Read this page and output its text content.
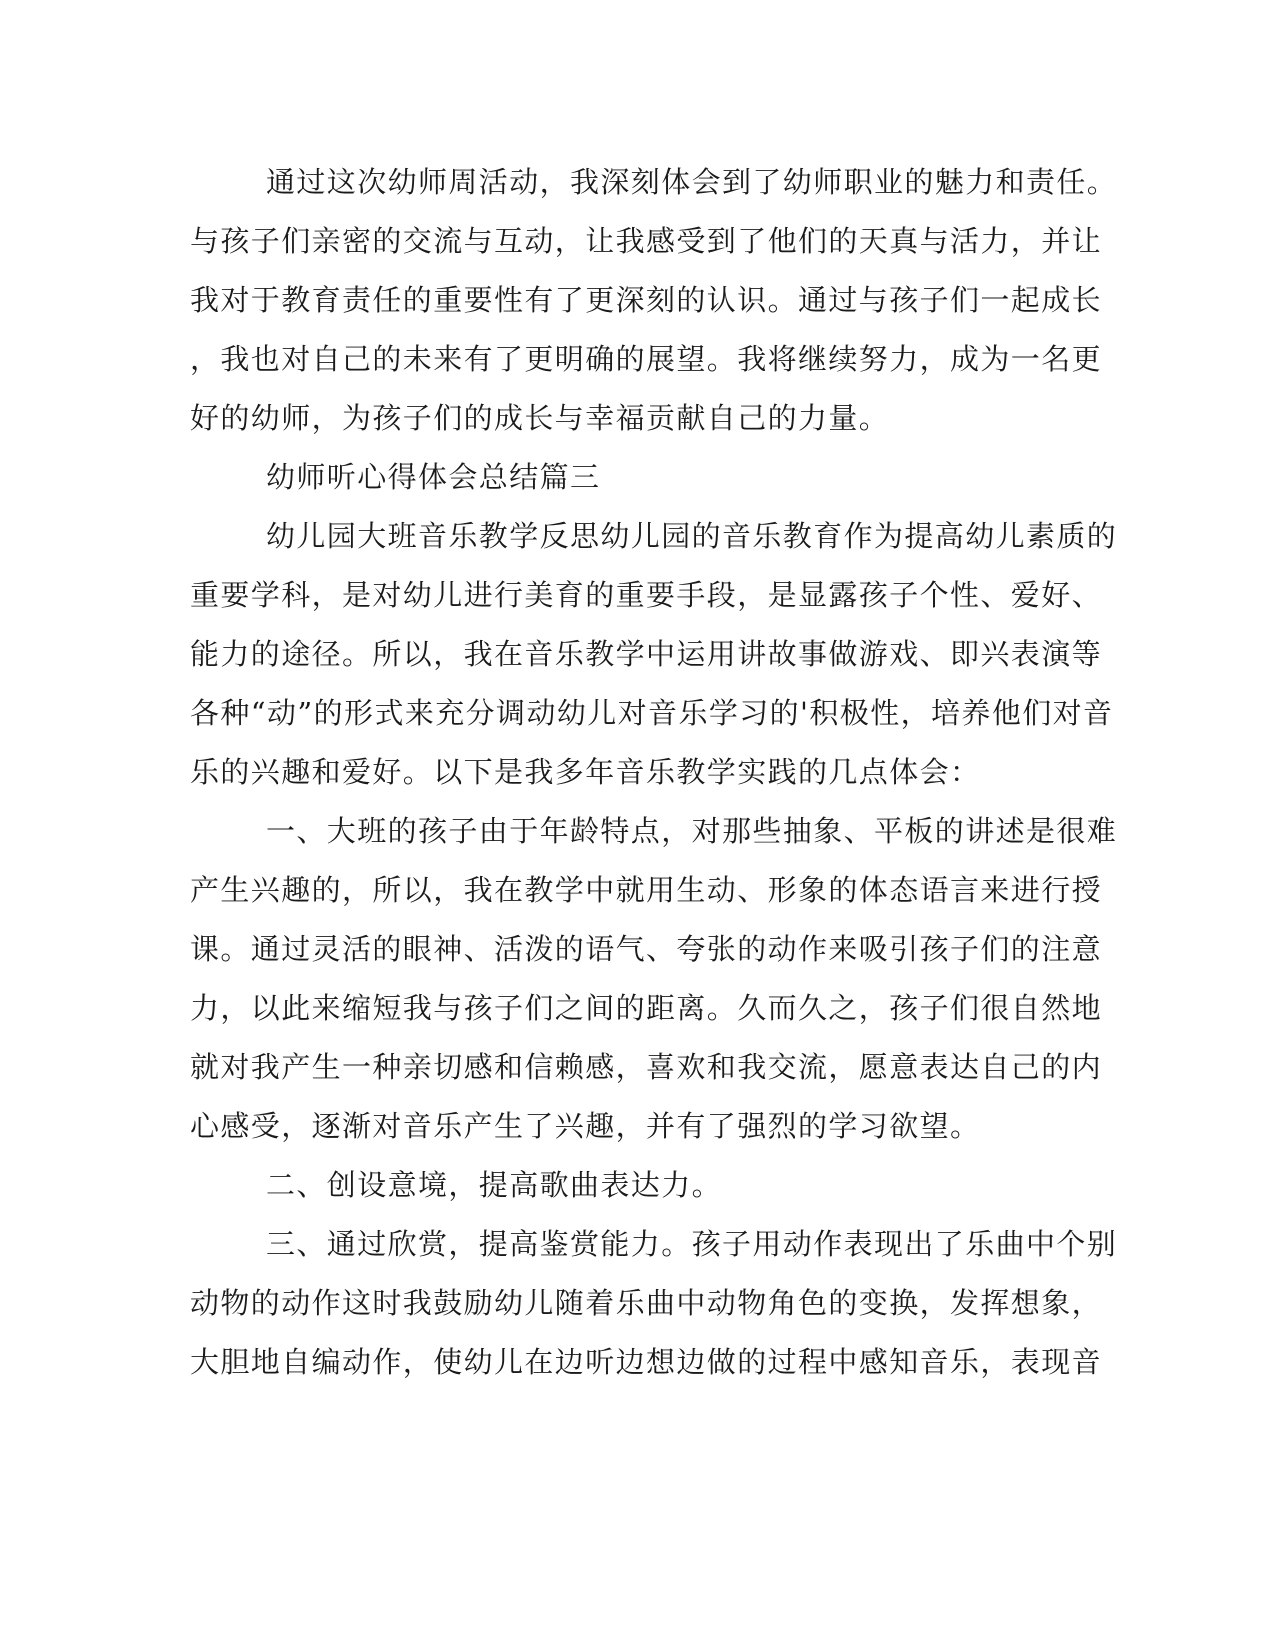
通过这次幼师周活动，我深刻体会到了幼师职业的魅力和责任。
与孩子们亲密的交流与互动，让我感受到了他们的天真与活力，并让
我对于教育责任的重要性有了更深刻的认识。通过与孩子们一起成长
，我也对自己的未来有了更明确的展望。我将继续努力，成为一名更
好的幼师，为孩子们的成长与幸福贡献自己的力量。
幼师听心得体会总结篇三
幼儿园大班音乐教学反思幼儿园的音乐教育作为提高幼儿素质的
重要学科，是对幼儿进行美育的重要手段，是显露孩子个性、爱好、
能力的途径。所以，我在音乐教学中运用讲故事做游戏、即兴表演等
各种“动”的形式来充分调动幼儿对音乐学习的'积极性，培养他们对音
乐的兴趣和爱好。以下是我多年音乐教学实践的几点体会：
一、大班的孩子由于年龄特点，对那些抽象、平板的讲述是很难
产生兴趣的，所以，我在教学中就用生动、形象的体态语言来进行授
课。通过灵活的眼神、活泼的语气、夸张的动作来吸引孩子们的注意
力，以此来缩短我与孩子们之间的距离。久而久之，孩子们很自然地
就对我产生一种亲切感和信赖感，喜欢和我交流，愿意表达自己的内
心感受，逐渐对音乐产生了兴趣，并有了强烈的学习欲望。
二、创设意境，提高歌曲表达力。
三、通过欣赏，提高鉴赏能力。孩子用动作表现出了乐曲中个别
动物的动作这时我鼓励幼儿随着乐曲中动物角色的变换，发挥想象，
大胆地自编动作，使幼儿在边听边想边做的过程中感知音乐，表现音
